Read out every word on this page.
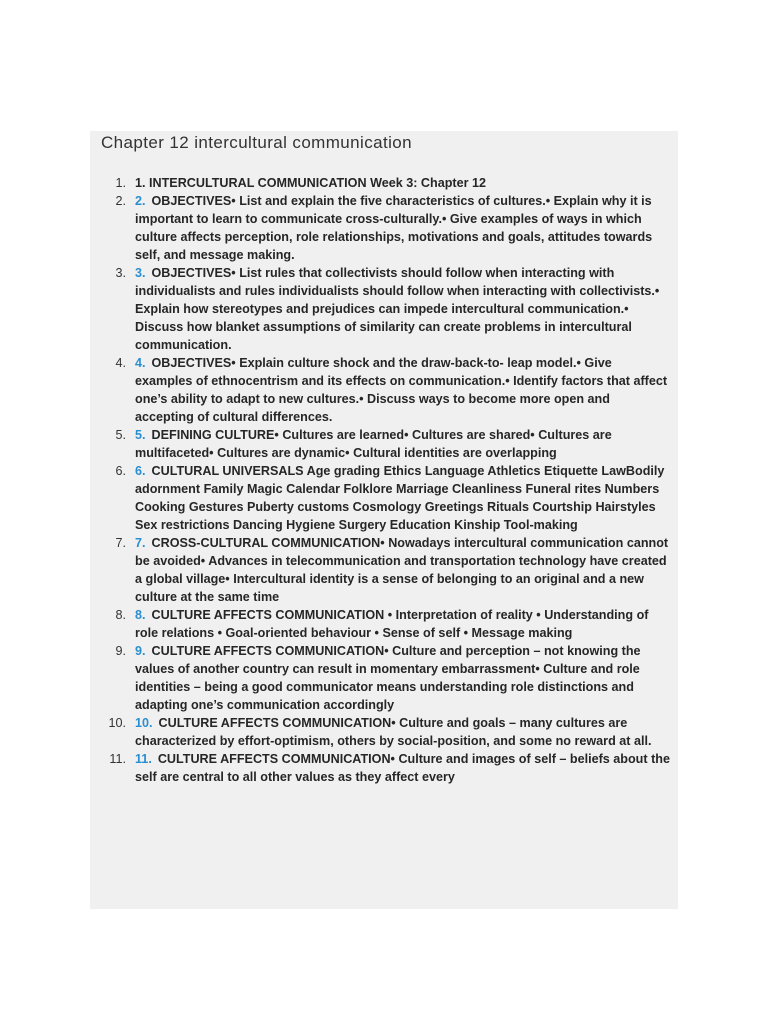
Chapter 12 intercultural communication
1. 1. INTERCULTURAL COMMUNICATION Week 3: Chapter 12
2. 2. OBJECTIVES• List and explain the five characteristics of cultures.• Explain why it is important to learn to communicate cross-culturally.• Give examples of ways in which culture affects perception, role relationships, motivations and goals, attitudes towards self, and message making.
3. 3. OBJECTIVES• List rules that collectivists should follow when interacting with individualists and rules individualists should follow when interacting with collectivists.• Explain how stereotypes and prejudices can impede intercultural communication.• Discuss how blanket assumptions of similarity can create problems in intercultural communication.
4. 4. OBJECTIVES• Explain culture shock and the draw-back-to- leap model.• Give examples of ethnocentrism and its effects on communication.• Identify factors that affect one’s ability to adapt to new cultures.• Discuss ways to become more open and accepting of cultural differences.
5. 5. DEFINING CULTURE• Cultures are learned• Cultures are shared• Cultures are multifaceted• Cultures are dynamic• Cultural identities are overlapping
6. 6. CULTURAL UNIVERSALS Age grading Ethics Language Athletics Etiquette LawBodily adornment Family Magic Calendar Folklore Marriage Cleanliness Funeral rites Numbers Cooking Gestures Puberty customs Cosmology Greetings Rituals Courtship Hairstyles Sex restrictions Dancing Hygiene Surgery Education Kinship Tool-making
7. 7. CROSS-CULTURAL COMMUNICATION• Nowadays intercultural communication cannot be avoided• Advances in telecommunication and transportation technology have created a global village• Intercultural identity is a sense of belonging to an original and a new culture at the same time
8. 8. CULTURE AFFECTS COMMUNICATION • Interpretation of reality • Understanding of role relations • Goal-oriented behaviour • Sense of self • Message making
9. 9. CULTURE AFFECTS COMMUNICATION• Culture and perception – not knowing the values of another country can result in momentary embarrassment• Culture and role identities – being a good communicator means understanding role distinctions and adapting one’s communication accordingly
10. 10. CULTURE AFFECTS COMMUNICATION• Culture and goals – many cultures are characterized by effort-optimism, others by social-position, and some no reward at all.
11. 11. CULTURE AFFECTS COMMUNICATION• Culture and images of self – beliefs about the self are central to all other values as they affect every
